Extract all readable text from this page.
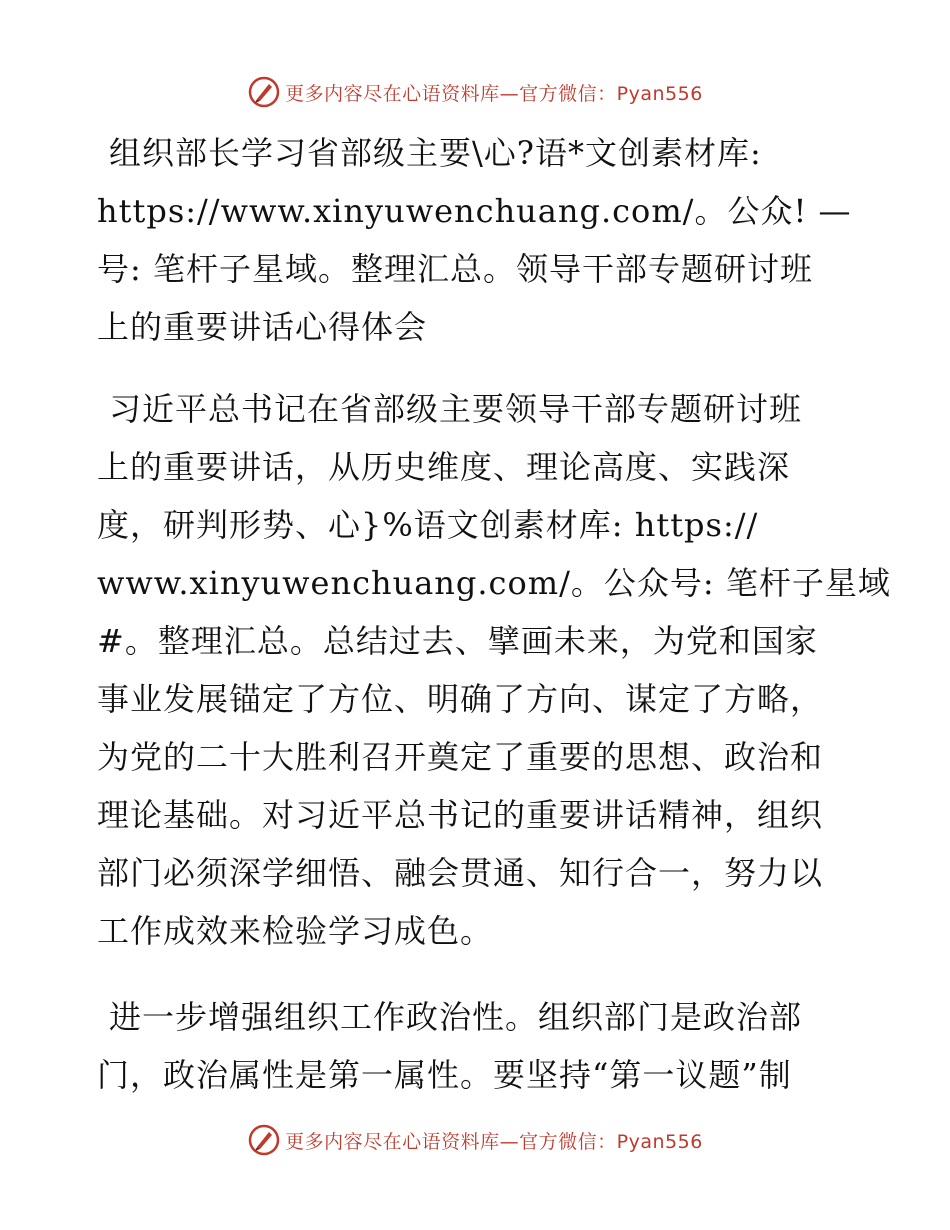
更多内容尽在心语资料库—官方微信：Pyan556

组织部长学习省部级主要\心?语*文创素材库:
https://www.xinyuwenchuang.com/。公众! —
号: 笔杆子星域。整理汇总。领导干部专题研讨班
上的重要讲话心得体会

习近平总书记在省部级主要领导干部专题研讨班
上的重要讲话，从历史维度、理论高度、实践深
度，研判形势、心}%语文创素材库: https://
www.xinyuwenchuang.com/。公众号: 笔杆子星域
#。整理汇总。总结过去、擘画未来，为党和国家
事业发展锚定了方位、明确了方向、谋定了方略，
为党的二十大胜利召开奠定了重要的思想、政治和
理论基础。对习近平总书记的重要讲话精神，组织
部门必须深学细悟、融会贯通、知行合一，努力以
工作成效来检验学习成色。

进一步增强组织工作政治性。组织部门是政治部
门，政治属性是第一属性。要坚持“第一议题”制

更多内容尽在心语资料库—官方微信：Pyan556
